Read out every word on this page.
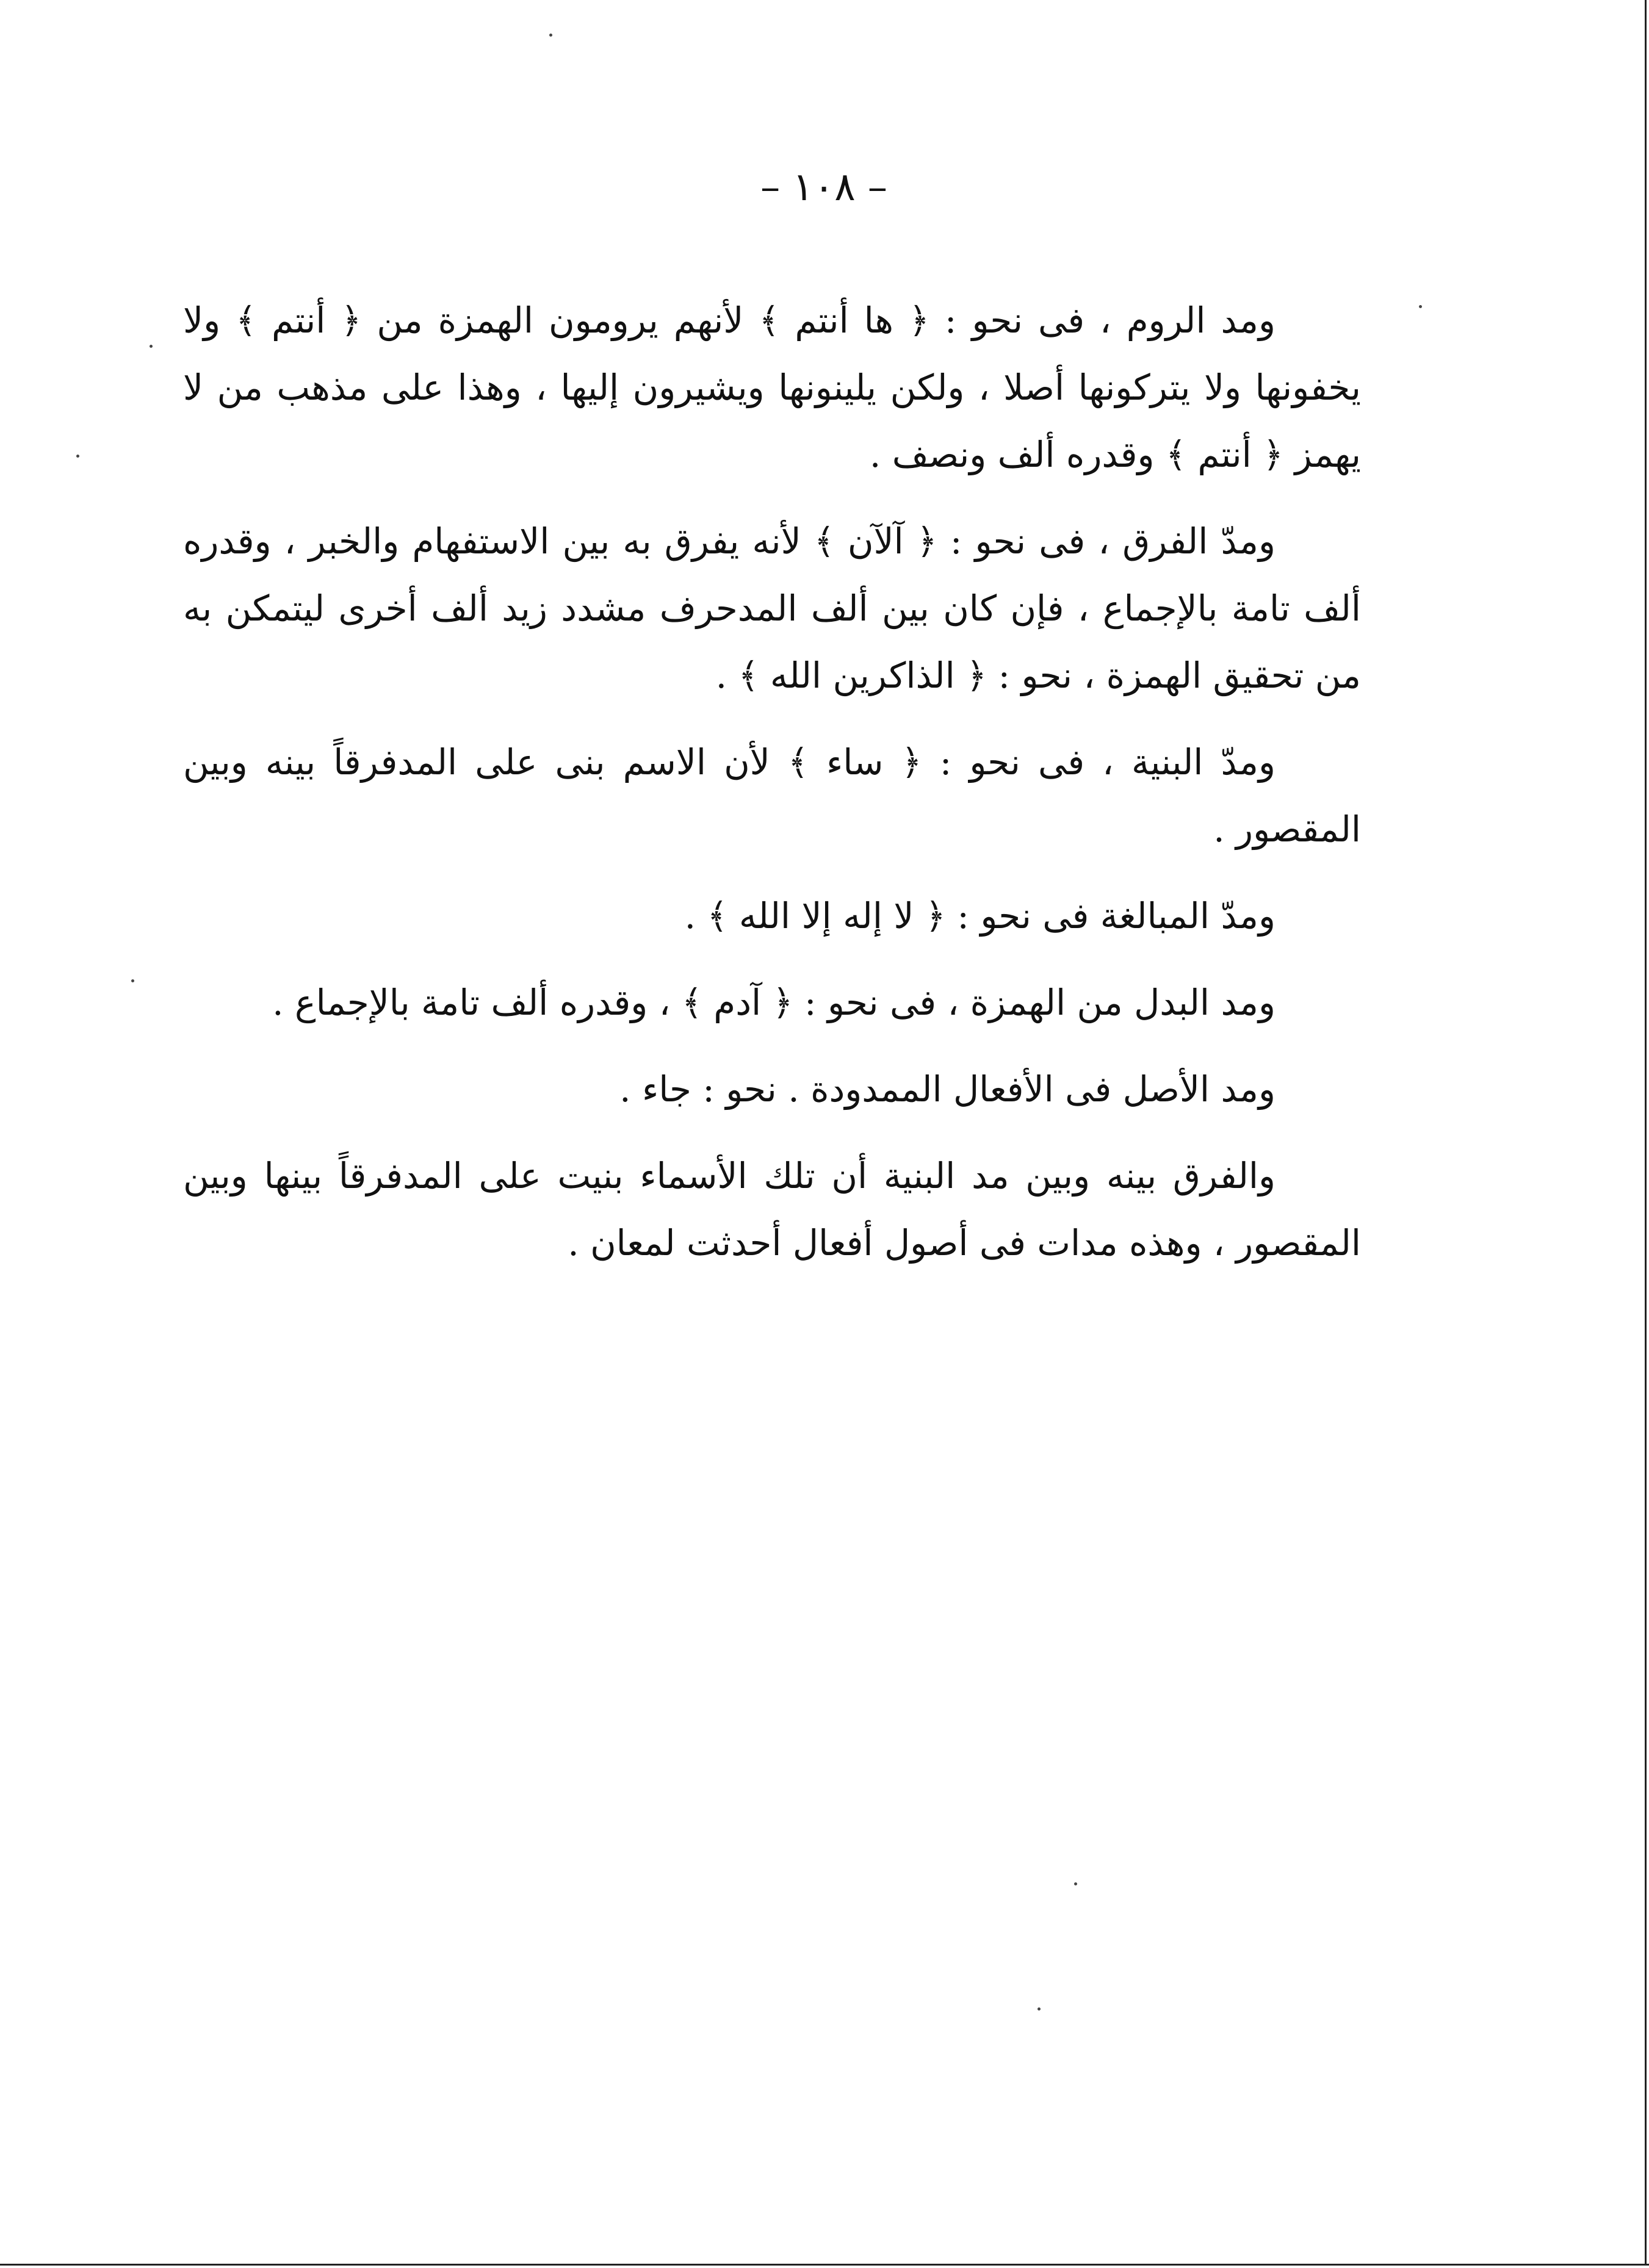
– ١٠٨ –

ومد الروم ، فى نحو : ﴿ ها أنتم ﴾ لأنهم يرومون الهمزة من ﴿ أنتم ﴾ ولا يخفونها ولا يتركونها أصلا ، ولكن يلينونها ويشيرون إليها ، وهذا على مذهب من لا يهمز ﴿ أنتم ﴾ وقدره ألف ونصف .

ومدّ الفرق ، فى نحو : ﴿ آلآن ﴾ لأنه يفرق به بين الاستفهام والخبر ، وقدره ألف تامة بالإجماع ، فإن كان بين ألف المدحرف مشدد زيد ألف أخرى ليتمكن به من تحقيق الهمزة ، نحو : ﴿ الذاكرين الله ﴾ .

ومدّ البنية ، فى نحو : ﴿ ساء ﴾ لأن الاسم بنى على المدفرقاً بينه وبين المقصور .

ومدّ المبالغة فى نحو : ﴿ لا إله إلا الله ﴾ .

ومد البدل من الهمزة ، فى نحو : ﴿ آدم ﴾ ، وقدره ألف تامة بالإجماع .

ومد الأصل فى الأفعال الممدودة . نحو : جاء .

والفرق بينه وبين مد البنية أن تلك الأسماء بنيت على المدفرقاً بينها وبين المقصور ، وهذه مدات فى أصول أفعال أحدثت لمعان .
